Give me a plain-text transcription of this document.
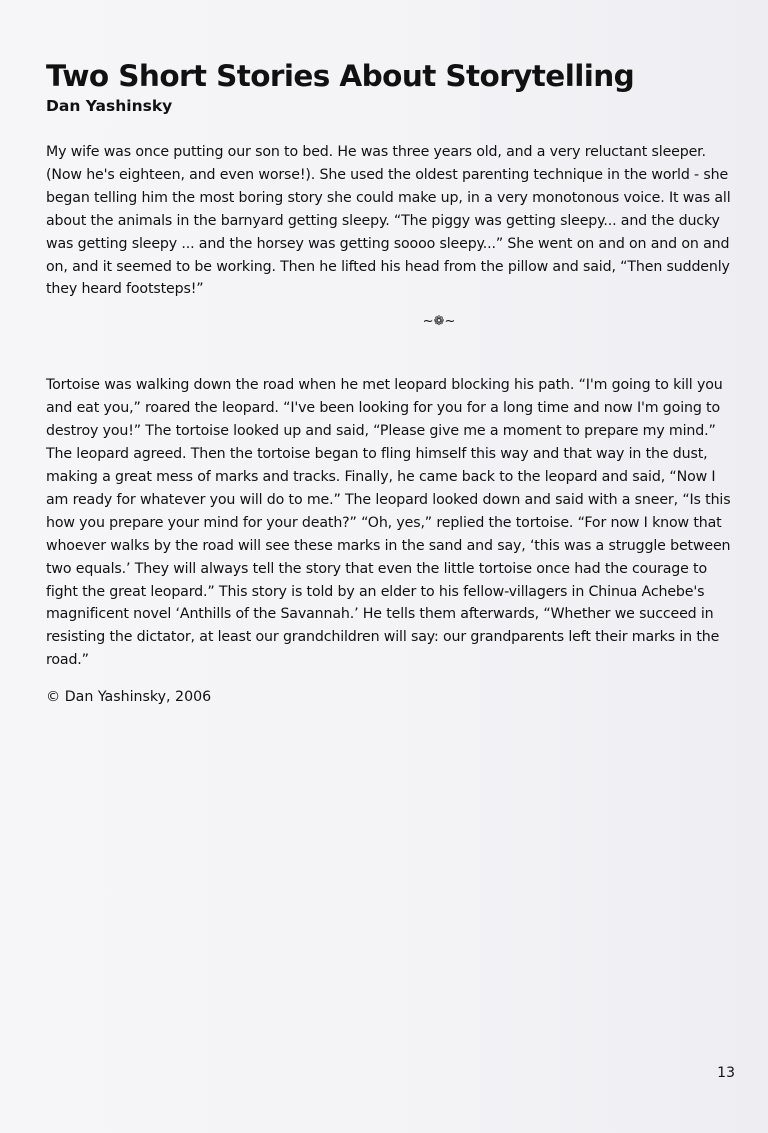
Two Short Stories About Storytelling
Dan Yashinsky

My wife was once putting our son to bed. He was three years old, and a very reluctant sleeper. (Now he's eighteen, and even worse!). She used the oldest parenting technique in the world - she began telling him the most boring story she could make up, in a very monotonous voice. It was all about the animals in the barnyard getting sleepy. “The piggy was getting sleepy... and the ducky was getting sleepy ... and the horsey was getting soooo sleepy...” She went on and on and on and on, and it seemed to be working. Then he lifted his head from the pillow and said, “Then suddenly they heard footsteps!”

~❁~

Tortoise was walking down the road when he met leopard blocking his path. “I'm going to kill you and eat you,” roared the leopard. “I've been looking for you for a long time and now I'm going to destroy you!” The tortoise looked up and said, “Please give me a moment to prepare my mind.” The leopard agreed. Then the tortoise began to fling himself this way and that way in the dust, making a great mess of marks and tracks. Finally, he came back to the leopard and said, “Now I am ready for whatever you will do to me.” The leopard looked down and said with a sneer, “Is this how you prepare your mind for your death?” “Oh, yes,” replied the tortoise. “For now I know that whoever walks by the road will see these marks in the sand and say, ‘this was a struggle between two equals.’ They will always tell the story that even the little tortoise once had the courage to fight the great leopard.” This story is told by an elder to his fellow-villagers in Chinua Achebe's magnificent novel ‘Anthills of the Savannah.’ He tells them afterwards, “Whether we succeed in resisting the dictator, at least our grandchildren will say: our grandparents left their marks in the road.”

© Dan Yashinsky, 2006
13
